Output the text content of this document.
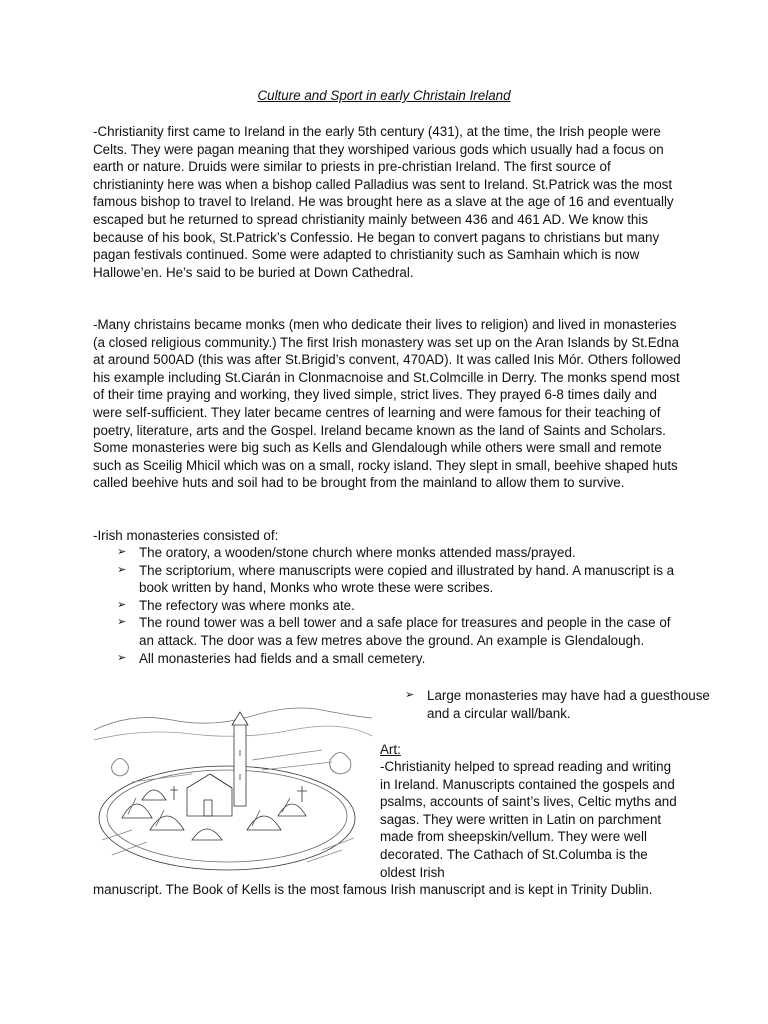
Culture and Sport in early Christain Ireland

-Christianity first came to Ireland in the early 5th century (431), at the time, the Irish people were Celts. They were pagan meaning that they worshiped various gods which usually had a focus on earth or nature. Druids were similar to priests in pre-christian Ireland. The first source of christianinty here was when a bishop called Palladius was sent to Ireland. St.Patrick was the most famous bishop to travel to Ireland. He was brought here as a slave at the age of 16 and eventually escaped but he returned to spread christianity mainly between 436 and 461 AD. We know this because of his book, St.Patrick’s Confessio. He began to convert pagans to christians but many pagan festivals continued. Some were adapted to christianity such as Samhain which is now Hallowe’en. He’s said to be buried at Down Cathedral.

-Many christains became monks (men who dedicate their lives to religion) and lived in monasteries (a closed religious community.) The first Irish monastery was set up on the Aran Islands by St.Edna at around 500AD (this was after St.Brigid’s convent, 470AD). It was called Inis Mór. Others followed his example including St.Ciarán in Clonmacnoise and St.Colmcille in Derry. The monks spend most of their time praying and working, they lived simple, strict lives. They prayed 6-8 times daily and were self-sufficient. They later became centres of learning and were famous for their teaching of poetry, literature, arts and the Gospel. Ireland became known as the land of Saints and Scholars. Some monasteries were big such as Kells and Glendalough while others were small and remote such as Sceilig Mhicil which was on a small, rocky island. They slept in small, beehive shaped huts called beehive huts and soil had to be brought from the mainland to allow them to survive.

-Irish monasteries consisted of:

➢ The oratory, a wooden/stone church where monks attended mass/prayed.
➢ The scriptorium, where manuscripts were copied and illustrated by hand. A manuscript is a book written by hand, Monks who wrote these were scribes.
➢ The refectory was where monks ate.
➢ The round tower was a bell tower and a safe place for treasures and people in the case of an attack. The door was a few metres above the ground. An example is Glendalough.
➢ All monasteries had fields and a small cemetery.
➢ Large monasteries may have had a guesthouse and a circular wall/bank.
Art:

-Christianity helped to spread reading and writing in Ireland. Manuscripts contained the gospels and psalms, accounts of saint’s lives, Celtic myths and sagas. They were written in Latin on parchment made from sheepskin/vellum. They were well decorated. The Cathach of St.Columba is the oldest Irish

manuscript. The Book of Kells is the most famous Irish manuscript and is kept in Trinity Dublin.
